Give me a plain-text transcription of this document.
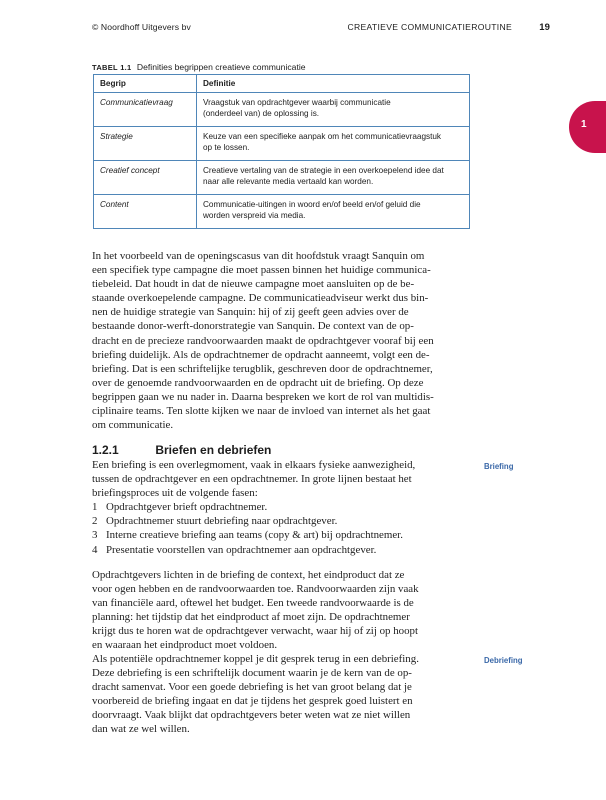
© Noordhoff Uitgevers bv	CREATIEVE COMMUNICATIEROUTINE	19
1
TABEL 1.1 Definities begrippen creatieve communicatie
Begrip	Definitie
Communicatievraag	Vraagstuk van opdrachtgever waarbij communicatie
(onderdeel van) de oplossing is.

Strategie	Keuze van een specifieke aanpak om het communicatievraagstuk
op te lossen.

Creatief concept	Creatieve vertaling van de strategie in een overkoepelend idee dat
naar alle relevante media vertaald kan worden.

Content	Communicatie-uitingen in woord en/of beeld en/of geluid die
worden verspreid via media.
In het voorbeeld van de openingscasus van dit hoofdstuk vraagt Sanquin om
een specifiek type campagne die moet passen binnen het huidige communica-
tiebeleid. Dat houdt in dat de nieuwe campagne moet aansluiten op de be-
staande overkoepelende campagne. De communicatieadviseur werkt dus bin-
nen de huidige strategie van Sanquin: hij of zij geeft geen advies over de
bestaande donor-werft-donorstrategie van Sanquin. De context van de op-
dracht en de precieze randvoorwaarden maakt de opdrachtgever vooraf bij een
briefing duidelijk. Als de opdrachtnemer de opdracht aanneemt, volgt een de-
briefing. Dat is een schriftelijke terugblik, geschreven door de opdrachtnemer,
over de genoemde randvoorwaarden en de opdracht uit de briefing. Op deze
begrippen gaan we nu nader in. Daarna bespreken we kort de rol van multidis-
ciplinaire teams. Ten slotte kijken we naar de invloed van internet als het gaat
om communicatie.
1.2.1	Briefen en debriefen
Briefing
Een briefing is een overlegmoment, vaak in elkaars fysieke aanwezigheid,
tussen de opdrachtgever en een opdrachtnemer. In grote lijnen bestaat het
briefingsproces uit de volgende fasen:
1 Opdrachtgever brieft opdrachtnemer.
2 Opdrachtnemer stuurt debriefing naar opdrachtgever.
3 Interne creatieve briefing aan teams (copy & art) bij opdrachtnemer.
4 Presentatie voorstellen van opdrachtnemer aan opdrachtgever.
Opdrachtgevers lichten in de briefing de context, het eindproduct dat ze
voor ogen hebben en de randvoorwaarden toe. Randvoorwaarden zijn vaak
van financiële aard, oftewel het budget. Een tweede randvoorwaarde is de
planning: het tijdstip dat het eindproduct af moet zijn. De opdrachtnemer
krijgt dus te horen wat de opdrachtgever verwacht, waar hij of zij op hoopt
en waaraan het eindproduct moet voldoen.
Debriefing
Als potentiële opdrachtnemer koppel je dit gesprek terug in een debriefing.
Deze debriefing is een schriftelijk document waarin je de kern van de op-
dracht samenvat. Voor een goede debriefing is het van groot belang dat je
voorbereid de briefing ingaat en dat je tijdens het gesprek goed luistert en
doorvraagt. Vaak blijkt dat opdrachtgevers beter weten wat ze niet willen
dan wat ze wel willen.
